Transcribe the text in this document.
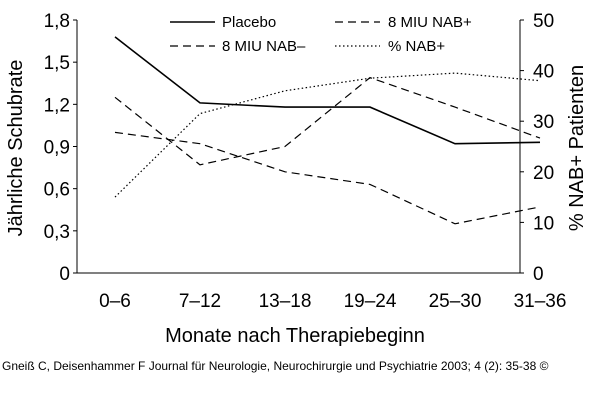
0
0,3
0,6
0,9
1,2
1,5
1,8
0
10
20
30
40
50
0–6	7–12 13–18 19–24 25–30 31–36
Placebo
8 MIU NAB–
8 MIU NAB+
% NAB+
Monate nach Therapiebeginn
Jährliche Schubrate	% NAB+ Patienten
Gneiß C, Deisenhammer F Journal für Neurologie, Neurochirurgie und Psychiatrie 2003; 4 (2): 35-38 ©
